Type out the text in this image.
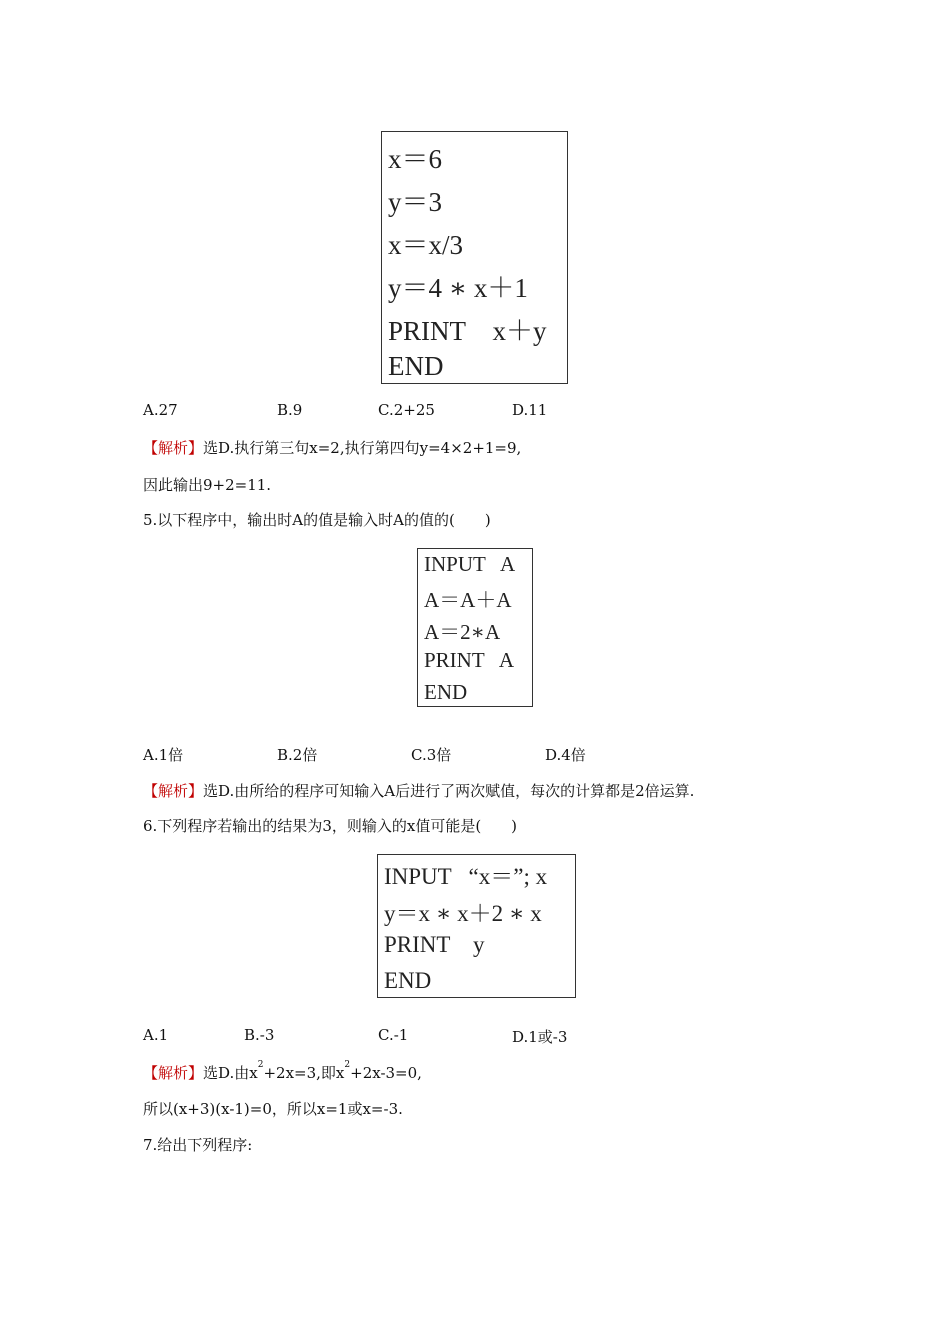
x＝6
y＝3
x＝x/3
y＝4 ∗ x＋1
PRINT    x＋y
END
A.27	B.9	C.2+25	D.11
【解析】选D.执行第三句x=2,执行第四句y=4×2+1=9,
因此输出9+2=11.
5.以下程序中，输出时A的值是输入时A的值的(　　)
INPUT   A
A＝A＋A
A＝2∗A
PRINT   A
END
A.1倍	B.2倍	C.3倍	D.4倍
【解析】选D.由所给的程序可知输入A后进行了两次赋值，每次的计算都是2倍运算.
6.下列程序若输出的结果为3，则输入的x值可能是(　　)
INPUT   “x＝”; x
y＝x ∗ x＋2 ∗ x
PRINT    y
END
A.1	B.-3	C.-1	D.1或-3
【解析】选D.由$x^2+2x=3$,即$x^2+2x-3=0$,
所以(x+3)(x-1)=0，所以x=1或x=-3.
7.给出下列程序:
